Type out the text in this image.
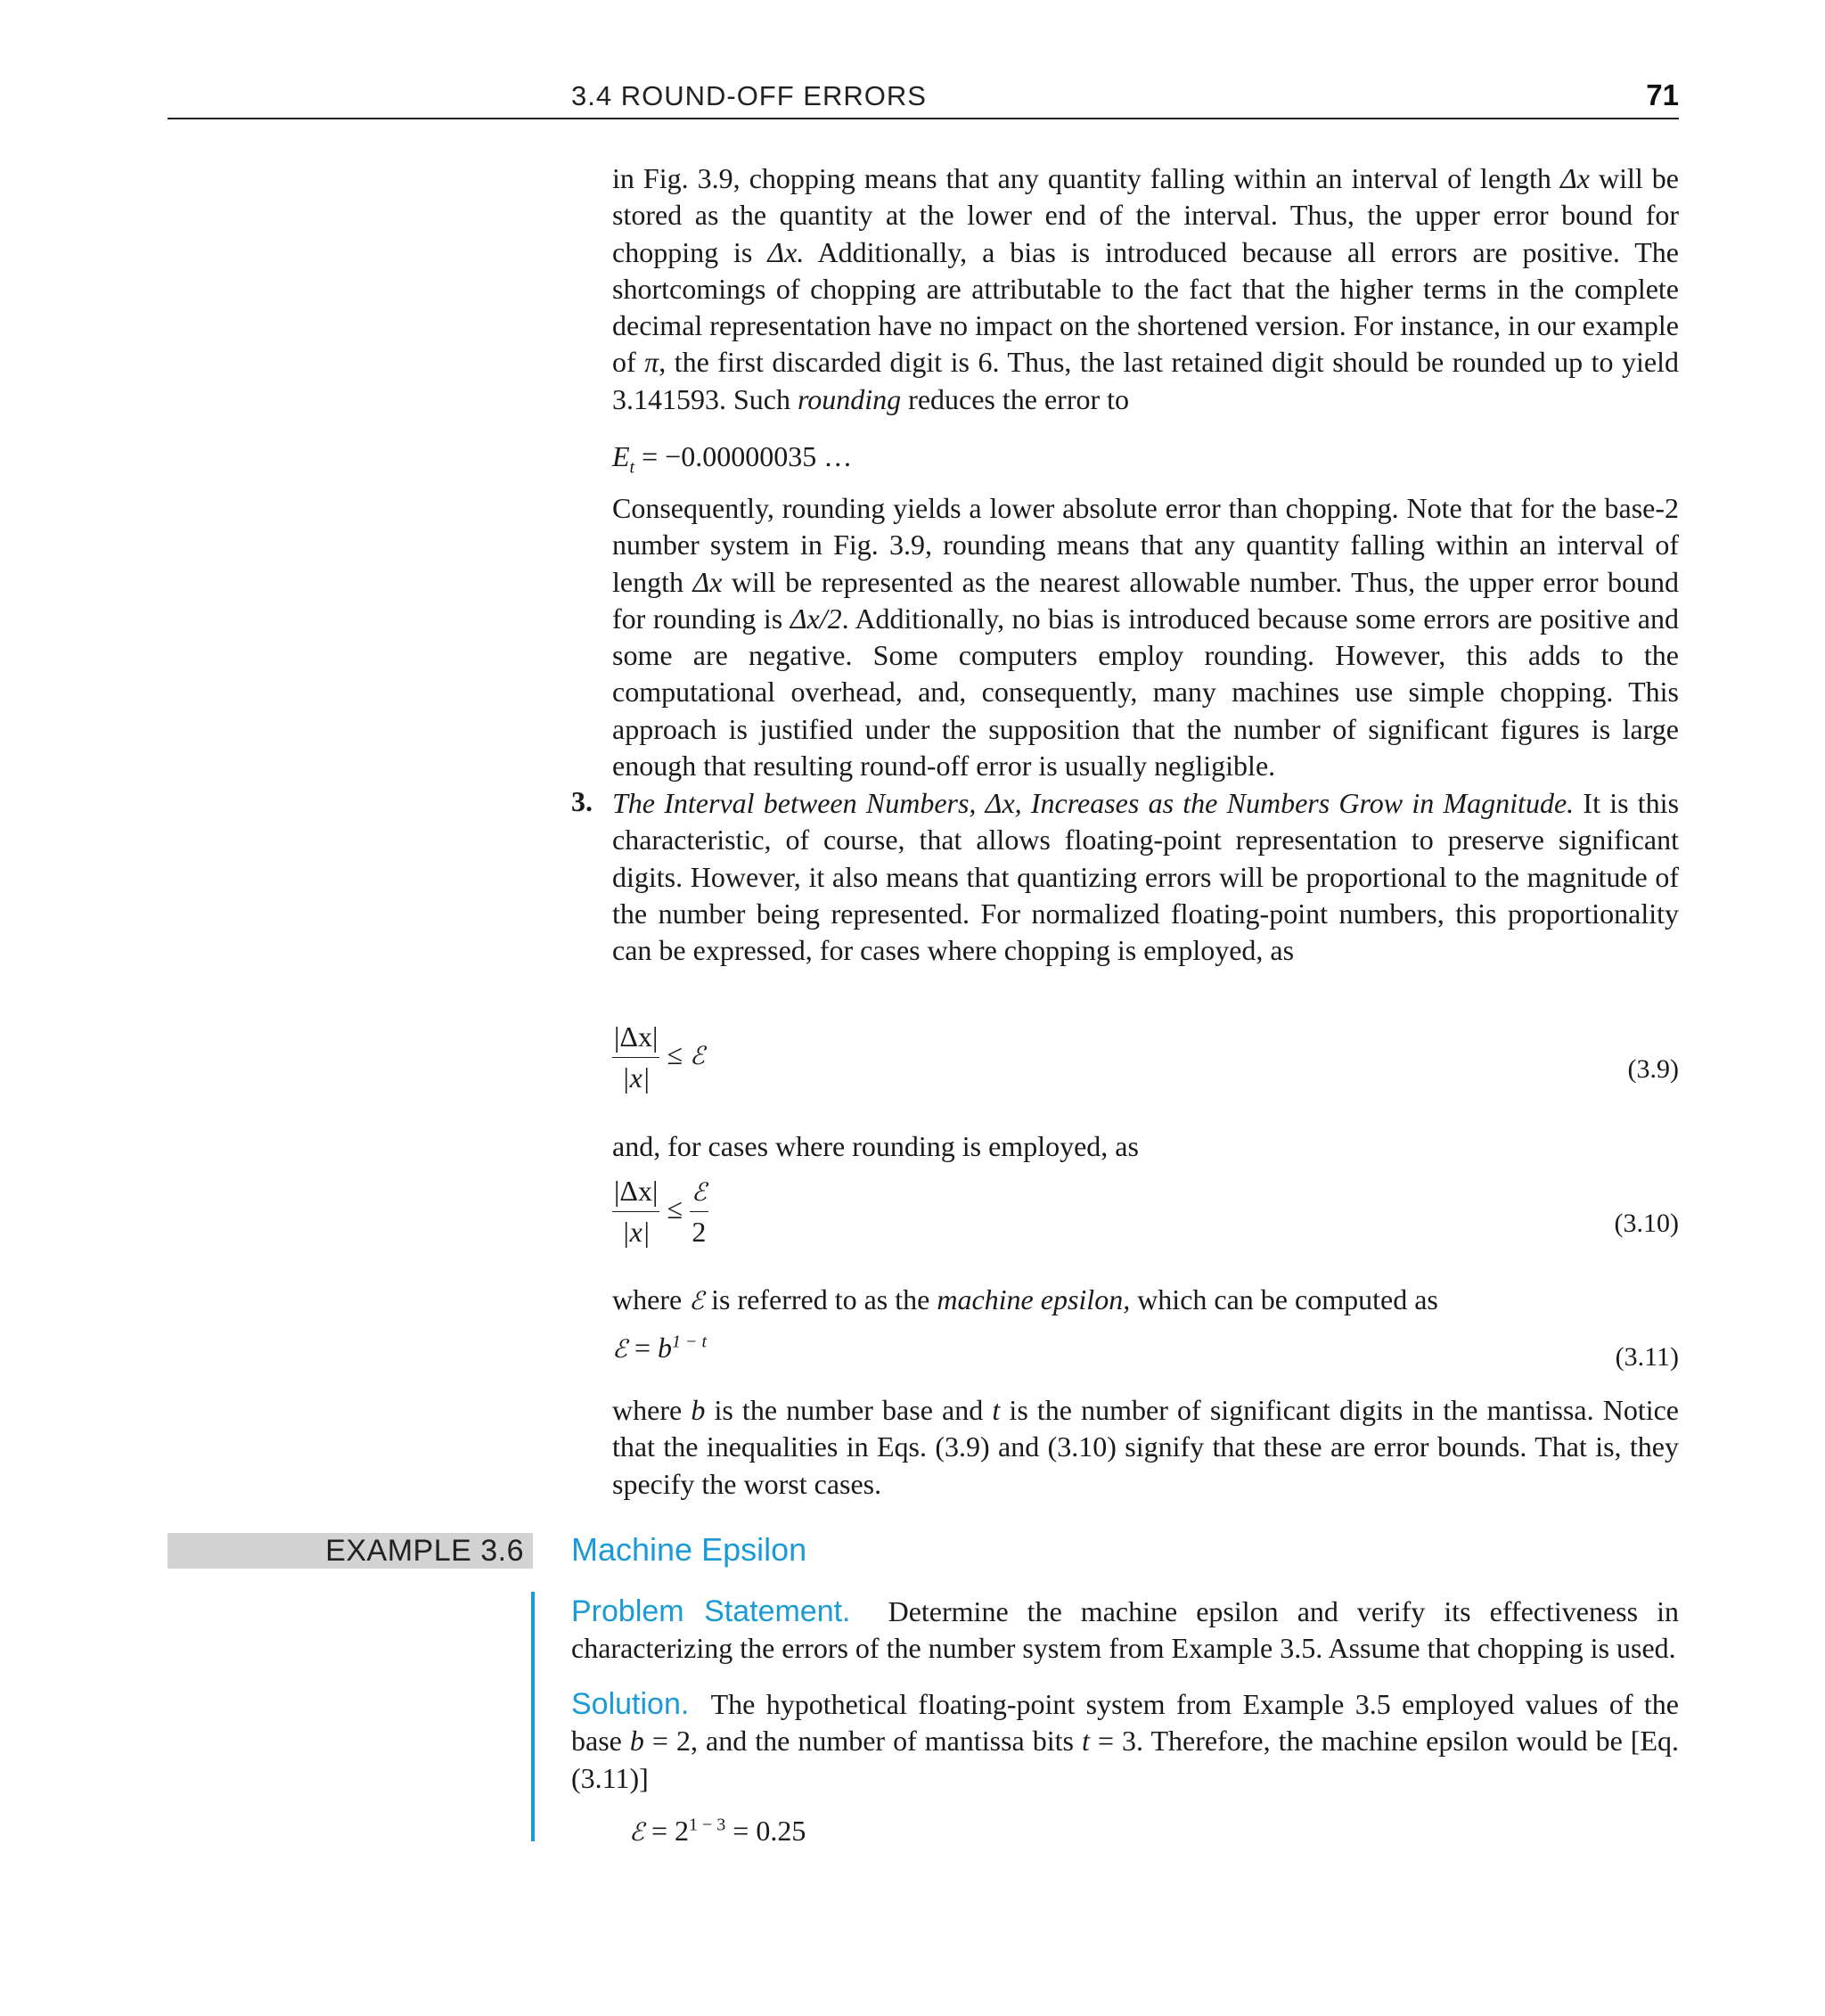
3.4 ROUND-OFF ERRORS	71

in Fig. 3.9, chopping means that any quantity falling within an interval of length Δx will be stored as the quantity at the lower end of the interval. Thus, the upper error bound for chopping is Δx. Additionally, a bias is introduced because all errors are positive. The shortcomings of chopping are attributable to the fact that the higher terms in the complete decimal representation have no impact on the shortened version. For instance, in our example of π, the first discarded digit is 6. Thus, the last retained digit should be rounded up to yield 3.141593. Such rounding reduces the error to

$E_t = -0.00000035$ …

Consequently, rounding yields a lower absolute error than chopping. Note that for the base-2 number system in Fig. 3.9, rounding means that any quantity falling within an interval of length Δx will be represented as the nearest allowable number. Thus, the upper error bound for rounding is Δx/2. Additionally, no bias is introduced because some errors are positive and some are negative. Some computers employ rounding. However, this adds to the computational overhead, and, consequently, many machines use simple chopping. This approach is justified under the supposition that the number of significant figures is large enough that resulting round-off error is usually negligible.

3. The Interval between Numbers, Δx, Increases as the Numbers Grow in Magnitude. It is this characteristic, of course, that allows floating-point representation to preserve significant digits. However, it also means that quantizing errors will be proportional to the magnitude of the number being represented. For normalized floating-point numbers, this proportionality can be expressed, for cases where chopping is employed, as

$\frac{|\Delta x|}{|x|}$ ≤ ℰ	(3.9)

and, for cases where rounding is employed, as

$\frac{|\Delta x|}{|x|} \le \frac{\text{ℰ}}{2}$	(3.10)

where ℰ is referred to as the machine epsilon, which can be computed as

ℰ = $b^{1 - t}$
(3.11)

where b is the number base and t is the number of significant digits in the mantissa. Notice that the inequalities in Eqs. (3.9) and (3.10) signify that these are error bounds. That is, they specify the worst cases.

EXAMPLE 3.6 Machine Epsilon

Problem Statement. Determine the machine epsilon and verify its effectiveness in characterizing the errors of the number system from Example 3.5. Assume that chopping is used.

Solution. The hypothetical floating-point system from Example 3.5 employed values of the base b = 2, and the number of mantissa bits t = 3. Therefore, the machine epsilon would be [Eq. (3.11)]

ℰ = $2^{1 - 3} = 0.25$
